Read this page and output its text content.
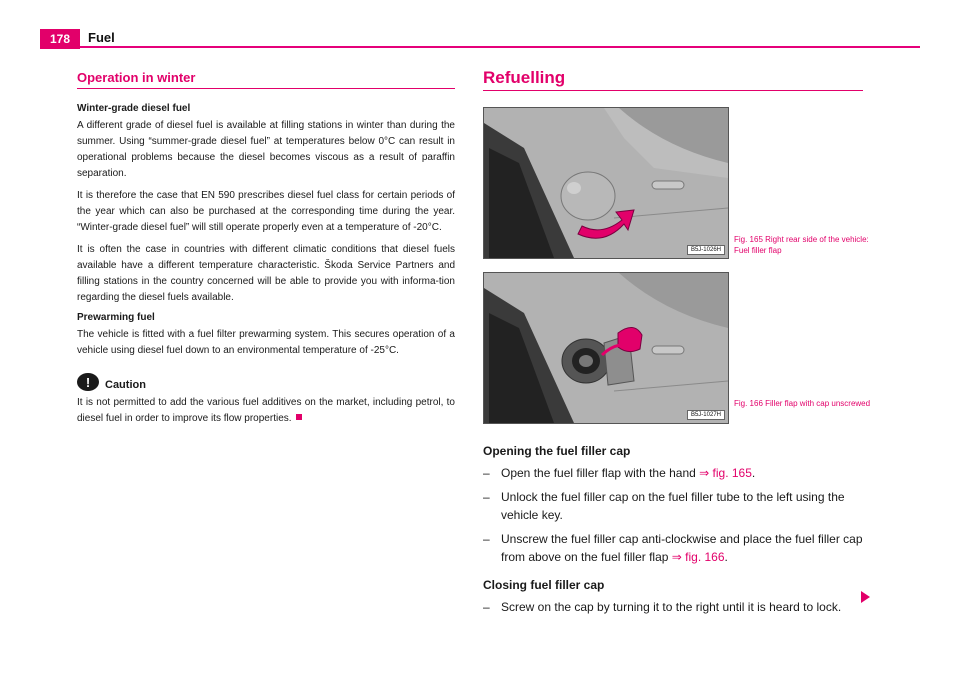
178	Fuel
Operation in winter

Winter-grade diesel fuel

A different grade of diesel fuel is available at filling stations in winter than during the summer. Using “summer-grade diesel fuel” at temperatures below 0°C can result in operational problems because the diesel becomes viscous as a result of paraffin separation.

It is therefore the case that EN 590 prescribes diesel fuel class for certain periods of the year which can also be purchased at the corresponding time during the year. “Winter-grade diesel fuel” will still operate properly even at a temperature of -20°C.

It is often the case in countries with different climatic conditions that diesel fuels available have a different temperature characteristic. Škoda Service Partners and filling stations in the country concerned will be able to provide you with informa-tion regarding the diesel fuels available.

Prewarming fuel

The vehicle is fitted with a fuel filter prewarming system. This secures operation of a vehicle using diesel fuel down to an environmental temperature of -25°C.

!	Caution

It is not permitted to add the various fuel additives on the market, including petrol, to diesel fuel in order to improve its flow properties.

Refuelling
B5J-1026H
Fig. 165 Right rear side of the vehicle: Fuel filler flap
B5J-1027H
Fig. 166 Filler flap with cap unscrewed

Opening the fuel filler cap

– Open the fuel filler flap with the hand ⇒ fig. 165.
– Unlock the fuel filler cap on the fuel filler tube to the left using the vehicle key.
– Unscrew the fuel filler cap anti-clockwise and place the fuel filler cap from above on the fuel filler flap ⇒ fig. 166.

Closing fuel filler cap

– Screw on the cap by turning it to the right until it is heard to lock.
